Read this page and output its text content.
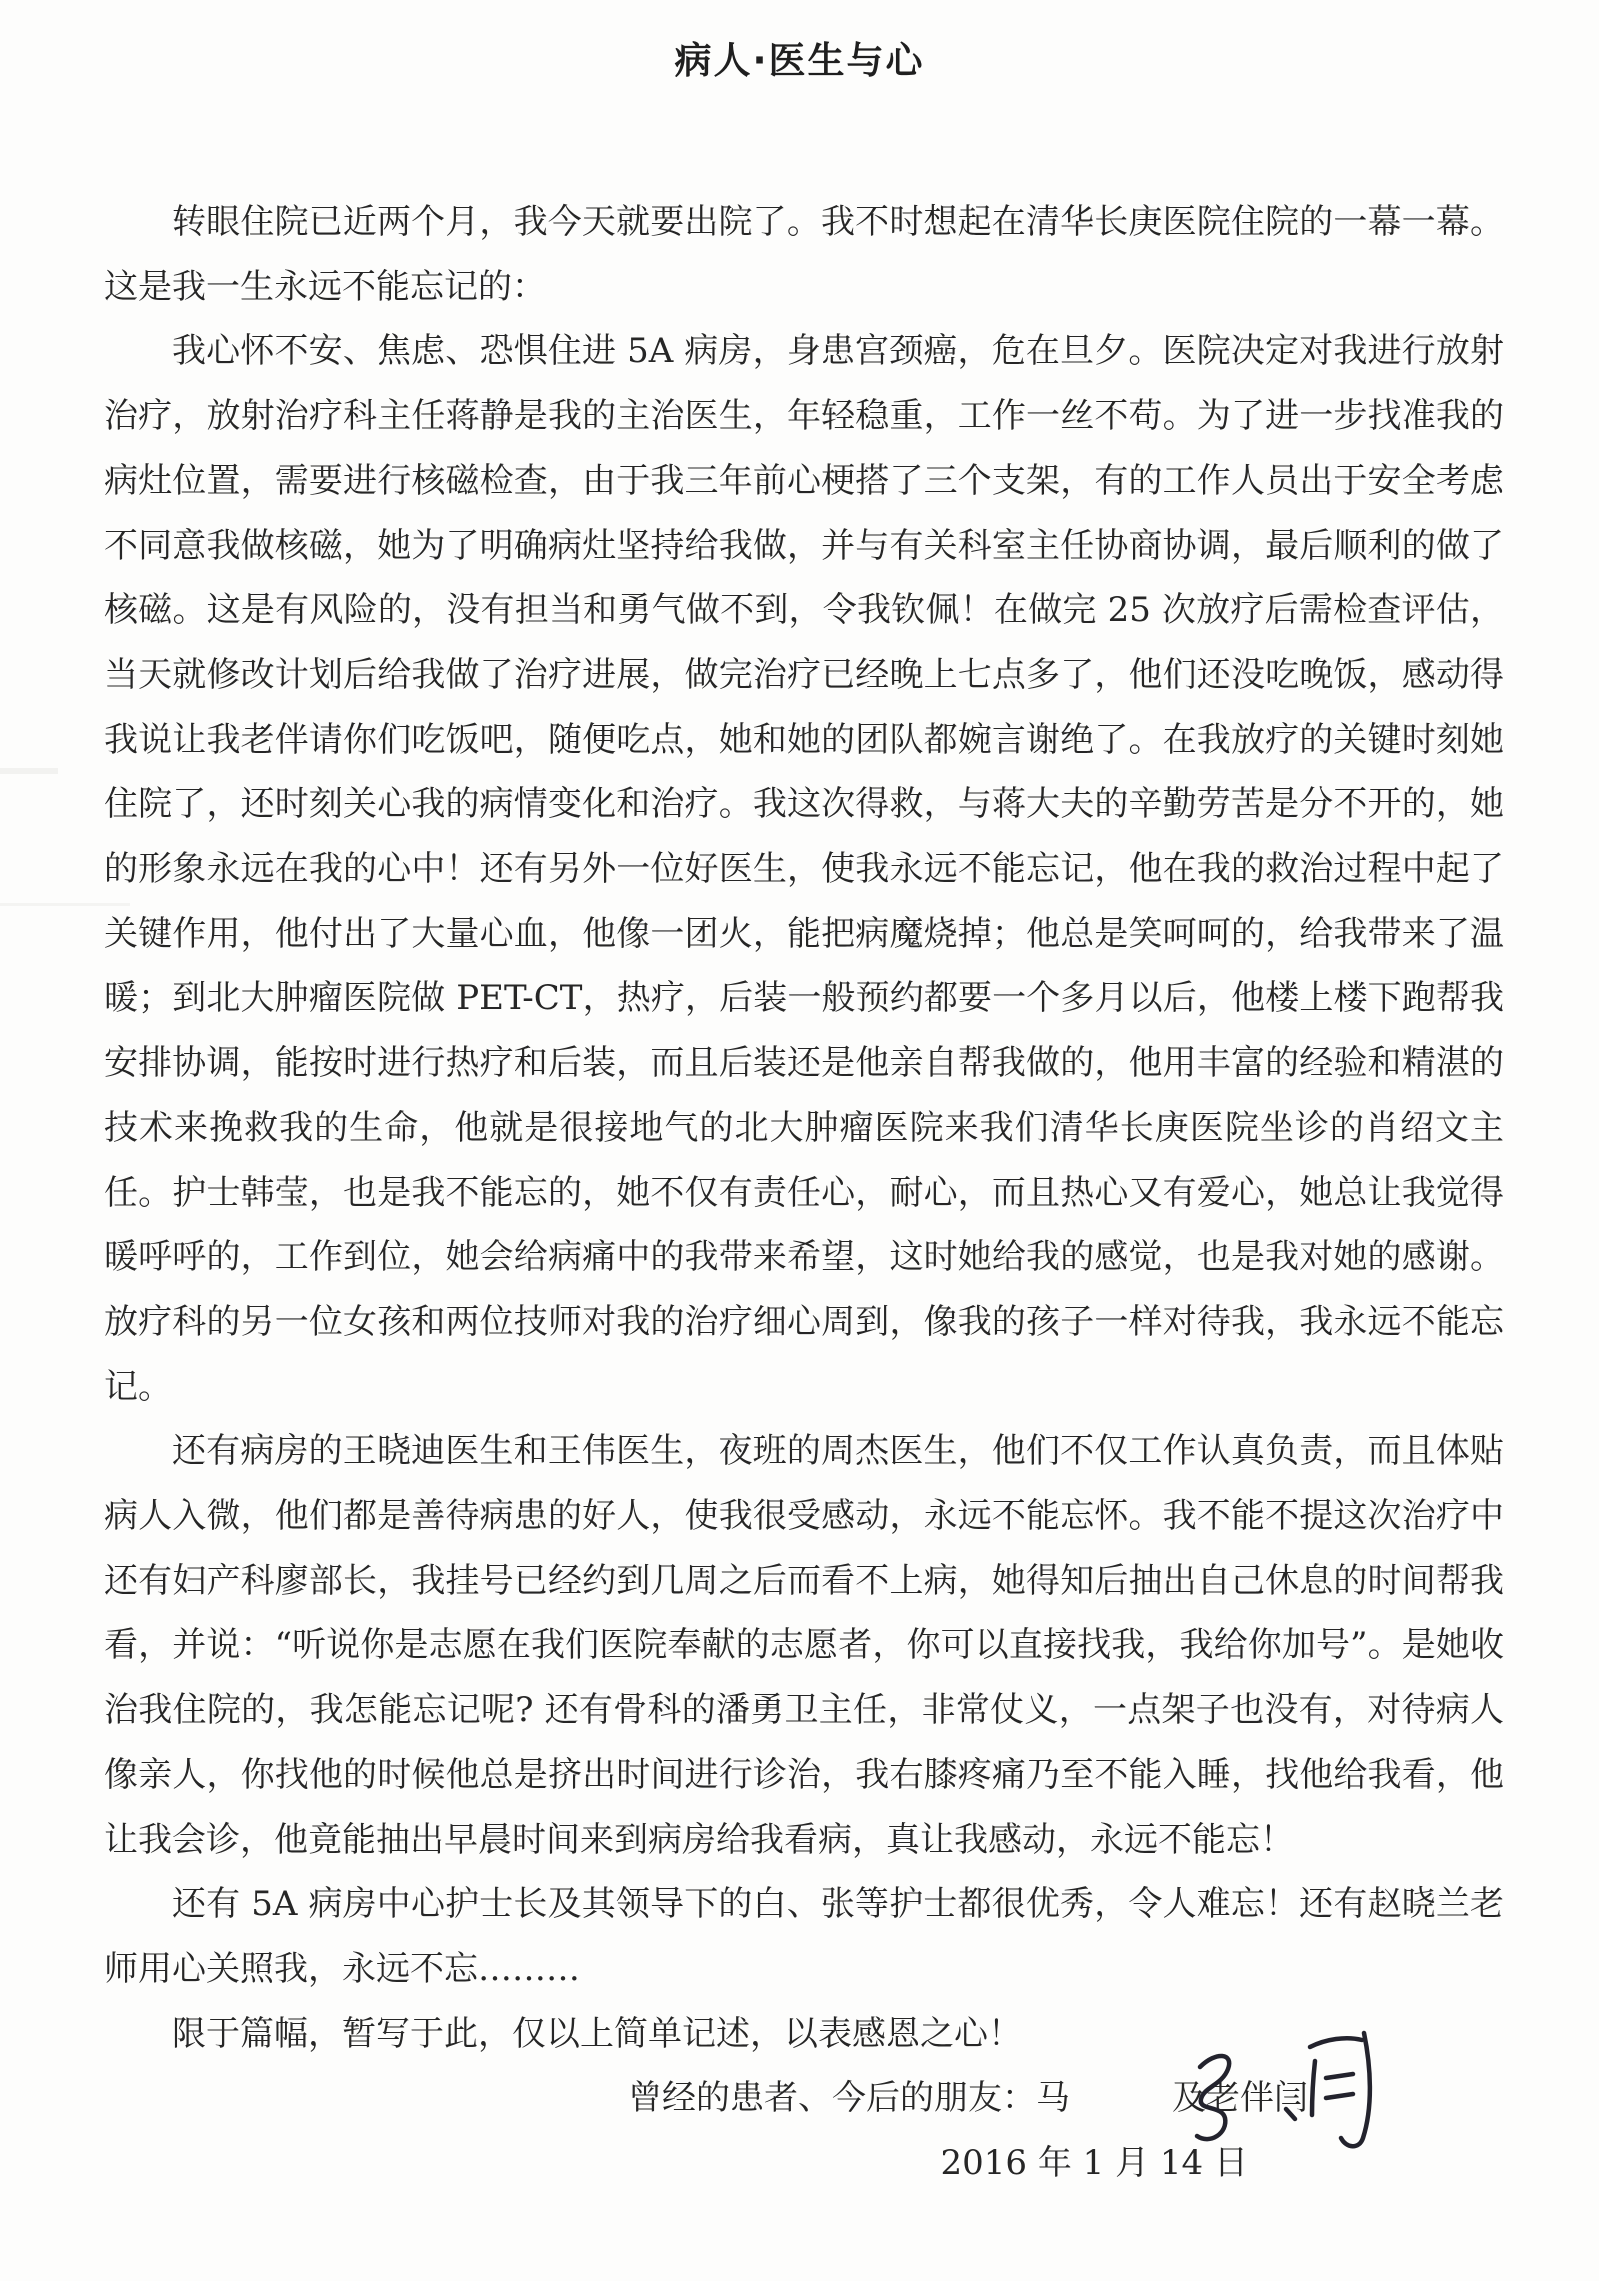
病人·医生与心

转眼住院已近两个月，我今天就要出院了。我不时想起在清华长庚医院住院的一幕一幕。这是我一生永远不能忘记的：

我心怀不安、焦虑、恐惧住进 5A 病房，身患宫颈癌，危在旦夕。医院决定对我进行放射治疗，放射治疗科主任蒋静是我的主治医生，年轻稳重，工作一丝不苟。为了进一步找准我的病灶位置，需要进行核磁检查，由于我三年前心梗搭了三个支架，有的工作人员出于安全考虑不同意我做核磁，她为了明确病灶坚持给我做，并与有关科室主任协商协调，最后顺利的做了核磁。这是有风险的，没有担当和勇气做不到，令我钦佩！在做完 25 次放疗后需检查评估，当天就修改计划后给我做了治疗进展，做完治疗已经晚上七点多了，他们还没吃晚饭，感动得我说让我老伴请你们吃饭吧，随便吃点，她和她的团队都婉言谢绝了。在我放疗的关键时刻她住院了，还时刻关心我的病情变化和治疗。我这次得救，与蒋大夫的辛勤劳苦是分不开的，她的形象永远在我的心中！还有另外一位好医生，使我永远不能忘记，他在我的救治过程中起了关键作用，他付出了大量心血，他像一团火，能把病魔烧掉；他总是笑呵呵的，给我带来了温暖；到北大肿瘤医院做 PET-CT，热疗，后装一般预约都要一个多月以后，他楼上楼下跑帮我安排协调，能按时进行热疗和后装，而且后装还是他亲自帮我做的，他用丰富的经验和精湛的技术来挽救我的生命，他就是很接地气的北大肿瘤医院来我们清华长庚医院坐诊的肖绍文主任。护士韩莹，也是我不能忘的，她不仅有责任心，耐心，而且热心又有爱心，她总让我觉得暖呼呼的，工作到位，她会给病痛中的我带来希望，这时她给我的感觉，也是我对她的感谢。放疗科的另一位女孩和两位技师对我的治疗细心周到，像我的孩子一样对待我，我永远不能忘记。

还有病房的王晓迪医生和王伟医生，夜班的周杰医生，他们不仅工作认真负责，而且体贴病人入微，他们都是善待病患的好人，使我很受感动，永远不能忘怀。我不能不提这次治疗中还有妇产科廖部长，我挂号已经约到几周之后而看不上病，她得知后抽出自己休息的时间帮我看，并说：“听说你是志愿在我们医院奉献的志愿者，你可以直接找我，我给你加号”。是她收治我住院的，我怎能忘记呢? 还有骨科的潘勇卫主任，非常仗义，一点架子也没有，对待病人像亲人，你找他的时候他总是挤出时间进行诊治，我右膝疼痛乃至不能入睡，找他给我看，他让我会诊，他竟能抽出早晨时间来到病房给我看病，真让我感动，永远不能忘！

还有 5A 病房中心护士长及其领导下的白、张等护士都很优秀，令人难忘！还有赵晓兰老师用心关照我，永远不忘………

限于篇幅，暂写于此，仅以上简单记述，以表感恩之心！

曾经的患者、今后的朋友：马　　　及老伴闫

2016 年 1 月 14 日
